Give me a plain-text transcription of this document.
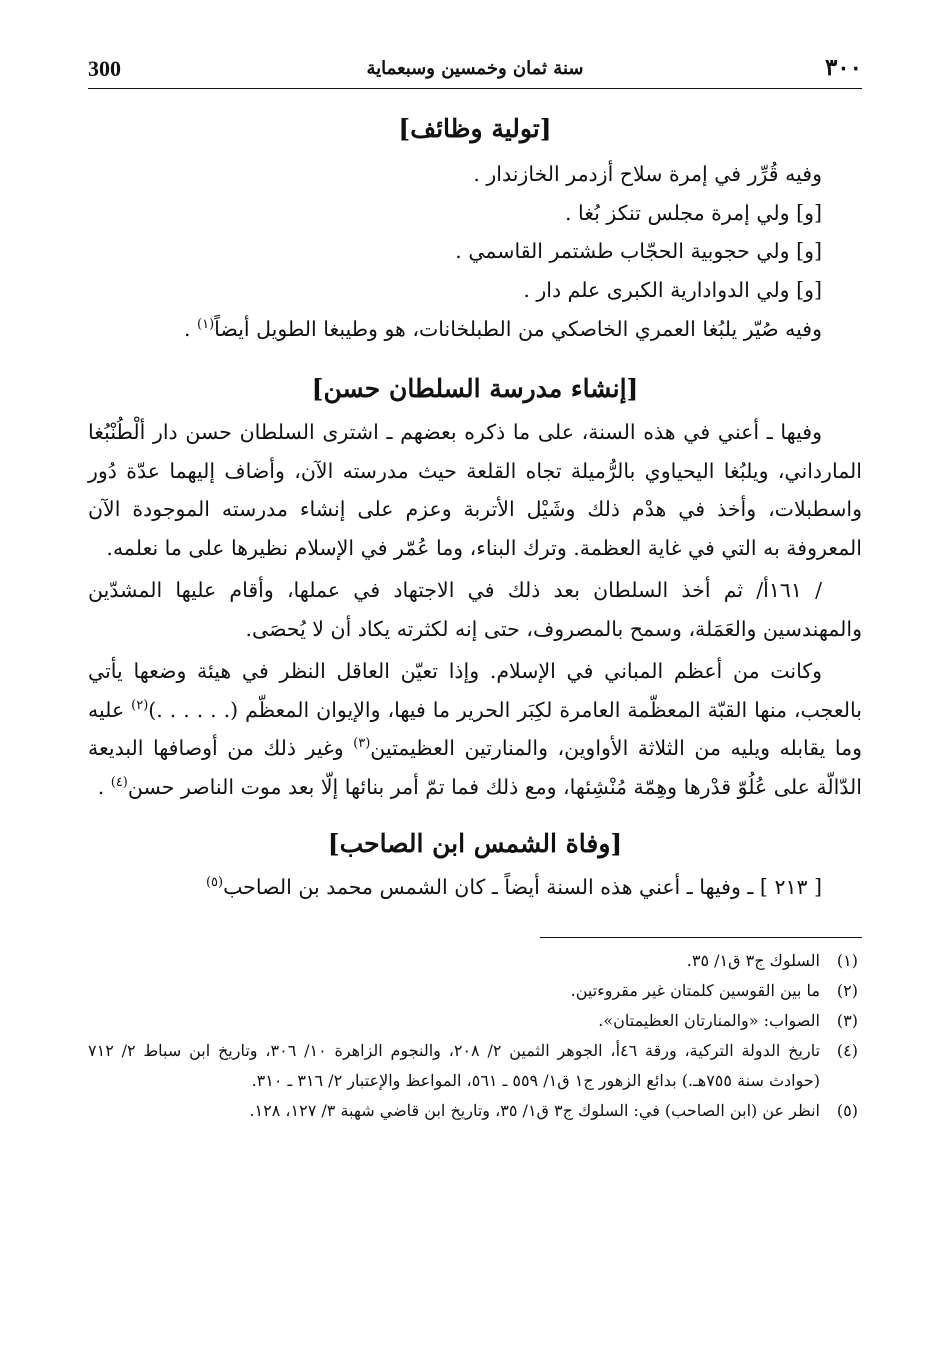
300	سنة ثمان وخمسين وسبعماية	٣٠٠
[تولية وظائف]

وفيه قُرِّر في إمرة سلاح أزدمر الخازندار .

[و] ولي إمرة مجلس تنكز بُغا .

[و] ولي حجوبية الحجّاب طشتمر القاسمي .

[و] ولي الدوادارية الكبرى علم دار .

وفيه صُيّر يلبُغا العمري الخاصكي من الطبلخانات، هو وطيبغا الطويل أيضاً$^{(١)}$ .

[إنشاء مدرسة السلطان حسن]

وفيها ـ أعني في هذه السنة، على ما ذكره بعضهم ـ اشترى السلطان حسن دار ألْطُنْبُغا المارداني، ويلبُغا اليحياوي بالرُّميلة تجاه القلعة حيث مدرسته الآن، وأضاف إليهما عدّة دُور واسطبلات، وأخذ في هدْم ذلك وشَيْل الأتربة وعزم على إنشاء مدرسته الموجودة الآن المعروفة به التي في غاية العظمة. وترك البناء، وما عُمّر في الإسلام نظيرها على ما نعلمه.

/ ١٦١أ/ ثم أخذ السلطان بعد ذلك في الاجتهاد في عملها، وأقام عليها المشدّين والمهندسين والعَمَلة، وسمح بالمصروف، حتى إنه لكثرته يكاد أن لا يُحصَى.

وكانت من أعظم المباني في الإسلام. وإذا تعيّن العاقل النظر في هيئة وضعها يأتي بالعجب، منها القبّة المعظّمة العامرة لكِبَر الحرير ما فيها، والإيوان المعظّم (. . . . . .)$^{(٢)}$ عليه وما يقابله ويليه من الثلاثة الأواوين، والمنارتين العظيمتين$^{(٣)}$ وغير ذلك من أوصافها البديعة الدّالّة على عُلُوّ قدْرها وهِمّة مُنْشِئها، ومع ذلك فما تمّ أمر بنائها إلّا بعد موت الناصر حسن$^{(٤)}$ .

[وفاة الشمس ابن الصاحب]

[ ٢١٣ ] ـ وفيها ـ أعني هذه السنة أيضاً ـ كان الشمس محمد بن الصاحب$^{(٥)}$

(١)
السلوك ج٣ ق١/ ٣٥.

(٢)
ما بين القوسين كلمتان غير مقروءتين.

(٣)
الصواب: «والمنارتان العظيمتان».

(٤)
تاريخ الدولة التركية، ورقة ٤٦أ، الجوهر الثمين ٢/ ٢٠٨، والنجوم الزاهرة ١٠/ ٣٠٦، وتاريخ ابن سباط ٢/ ٧١٢ (حوادث سنة ٧٥٥هـ.) بدائع الزهور ج١ ق١/ ٥٥٩ ـ ٥٦١، المواعظ والإعتبار ٢/ ٣١٦ ـ ٣١٠.

(٥)
انظر عن (ابن الصاحب) في: السلوك ج٣ ق١/ ٣٥، وتاريخ ابن قاضي شهبة ٣/ ١٢٧، ١٢٨.
